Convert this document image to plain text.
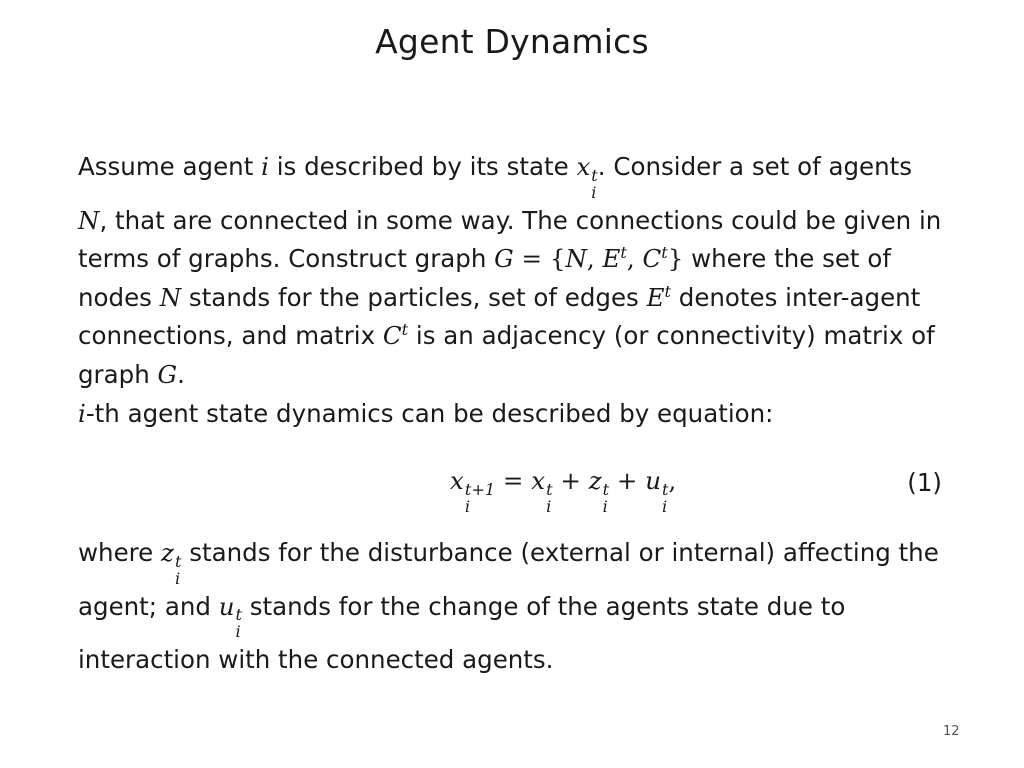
Agent Dynamics

Assume agent i is described by its state x t
i
. Consider a set of agents N, that are connected in some way. The connections could be given in terms of graphs. Construct graph G = {N, $E^t$, $C^t$} where the set of nodes N stands for the particles, set of edges $E^t$ denotes inter-agent connections, and matrix $C^t$ is an adjacency (or connectivity) matrix of graph G.

i-th agent state dynamics can be described by equation:

x t+1
i
= x t
i
+ z t
i
+ u t
i
,	(1)

where z t
i
stands for the disturbance (external or internal) affecting the agent; and u t
i
stands for the change of the agents state due to interaction with the connected agents.

12
